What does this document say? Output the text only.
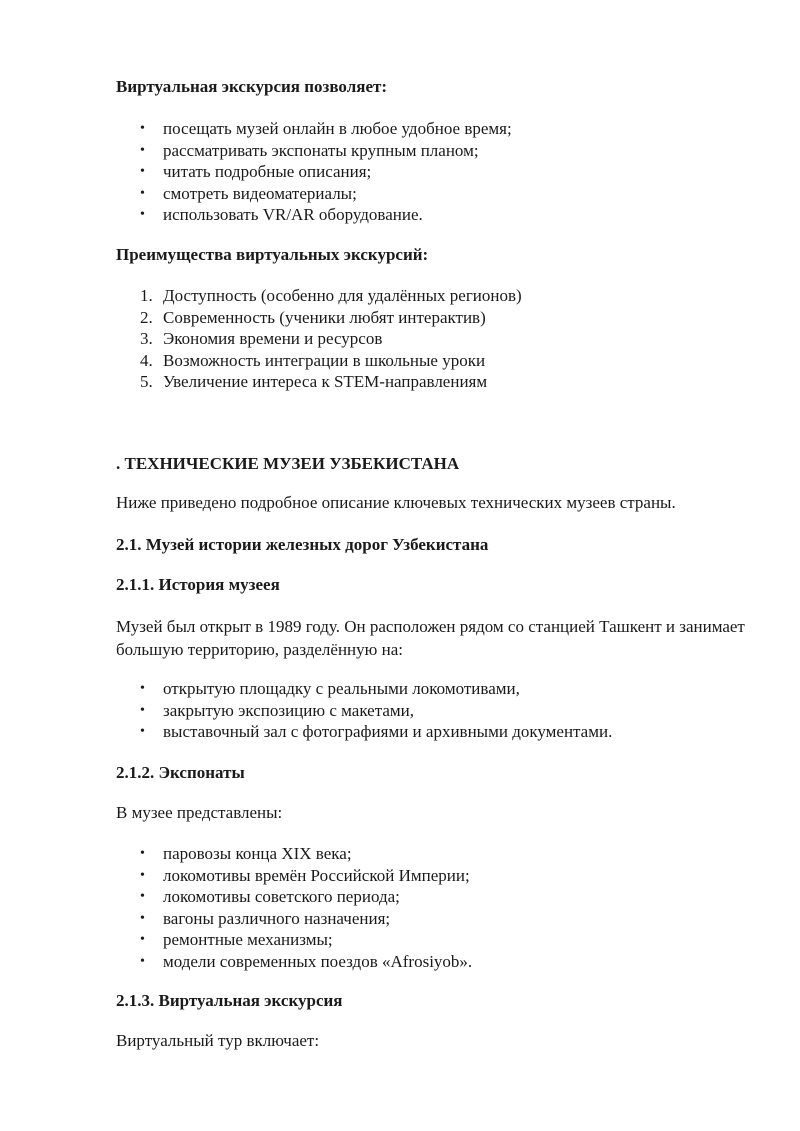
Виртуальная экскурсия позволяет:
• посещать музей онлайн в любое удобное время;
• рассматривать экспонаты крупным планом;
• читать подробные описания;
• смотреть видеоматериалы;
• использовать VR/AR оборудование.
Преимущества виртуальных экскурсий:
1. Доступность (особенно для удалённых регионов)
2. Современность (ученики любят интерактив)
3. Экономия времени и ресурсов
4. Возможность интеграции в школьные уроки
5. Увеличение интереса к STEM-направлениям
. ТЕХНИЧЕСКИЕ МУЗЕИ УЗБЕКИСТАНА
Ниже приведено подробное описание ключевых технических музеев страны.
2.1. Музей истории железных дорог Узбекистана
2.1.1. История музеея
Музей был открыт в 1989 году. Он расположен рядом со станцией Ташкент и занимает большую территорию, разделённую на:
• открытую площадку с реальными локомотивами,
• закрытую экспозицию с макетами,
• выставочный зал с фотографиями и архивными документами.
2.1.2. Экспонаты
В музее представлены:
• паровозы конца XIX века;
• локомотивы времён Российской Империи;
• локомотивы советского периода;
• вагоны различного назначения;
• ремонтные механизмы;
• модели современных поездов «Afrosiyob».
2.1.3. Виртуальная экскурсия
Виртуальный тур включает:
